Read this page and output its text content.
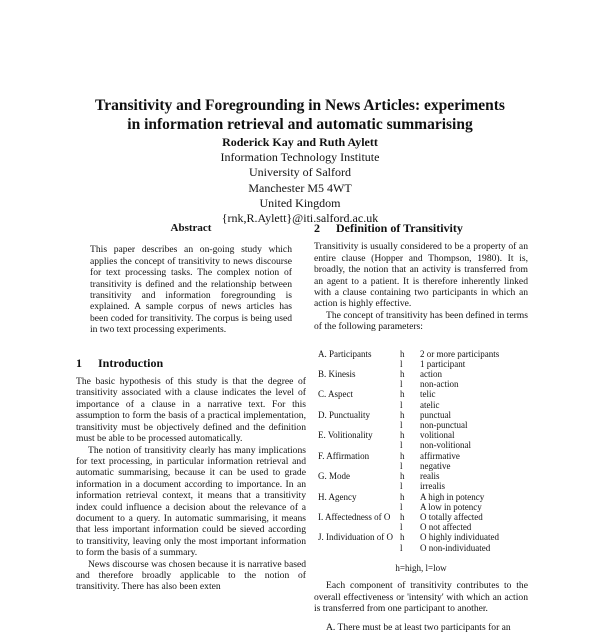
Transitivity and Foregrounding in News Articles: experiments
in information retrieval and automatic summarising
Roderick Kay and Ruth Aylett
Information Technology Institute
University of Salford
Manchester M5 4WT
United Kingdom
{rnk,R.Aylett}@iti.salford.ac.uk
Abstract

This paper describes an on-going study which applies the concept of transitivity to news discourse for text processing tasks. The complex notion of transitivity is defined and the relationship between transitivity and information foregrounding is explained. A sample corpus of news articles has been coded for transitivity. The corpus is being used in two text processing experiments.

1 Introduction

The basic hypothesis of this study is that the degree of transitivity associated with a clause indicates the level of importance of a clause in a narrative text. For this assumption to form the basis of a practical implementation, transitivity must be objectively defined and the definition must be able to be processed automatically.

The notion of transitivity clearly has many implications for text processing, in particular information retrieval and automatic summarising, because it can be used to grade information in a document according to importance. In an information retrieval context, it means that a transitivity index could influence a decision about the relevance of a document to a query. In automatic summarising, it means that less important information could be sieved according to transitivity, leaving only the most important information to form the basis of a summary.

News discourse was chosen because it is narrative based and therefore broadly applicable to the notion of transitivity. There has also been exten

2 Definition of Transitivity

Transitivity is usually considered to be a property of an entire clause (Hopper and Thompson, 1980). It is, broadly, the notion that an activity is transferred from an agent to a patient. It is therefore inherently linked with a clause containing two participants in which an action is highly effective.

The concept of transitivity has been defined in terms of the following parameters:

A. Participants	h	2 or more participants
	l	1 participant
B. Kinesis	h	action
	l	non-action
C. Aspect	h	telic
	l	atelic
D. Punctuality	h	punctual
	l	non-punctual
E. Volitionality	h	volitional
	l	non-volitional
F. Affirmation	h	affirmative
	l	negative
G. Mode	h	realis
	l	irrealis
H. Agency	h	A high in potency
	l	A low in potency
I. Affectedness of O	h	O totally affected
	l	O not affected
J. Individuation of O	h	O highly individuated
	l	O non-individuated
h=high, l=low

Each component of transitivity contributes to the overall effectiveness or 'intensity' with which an action is transferred from one participant to another.

A. There must be at least two participants for an
